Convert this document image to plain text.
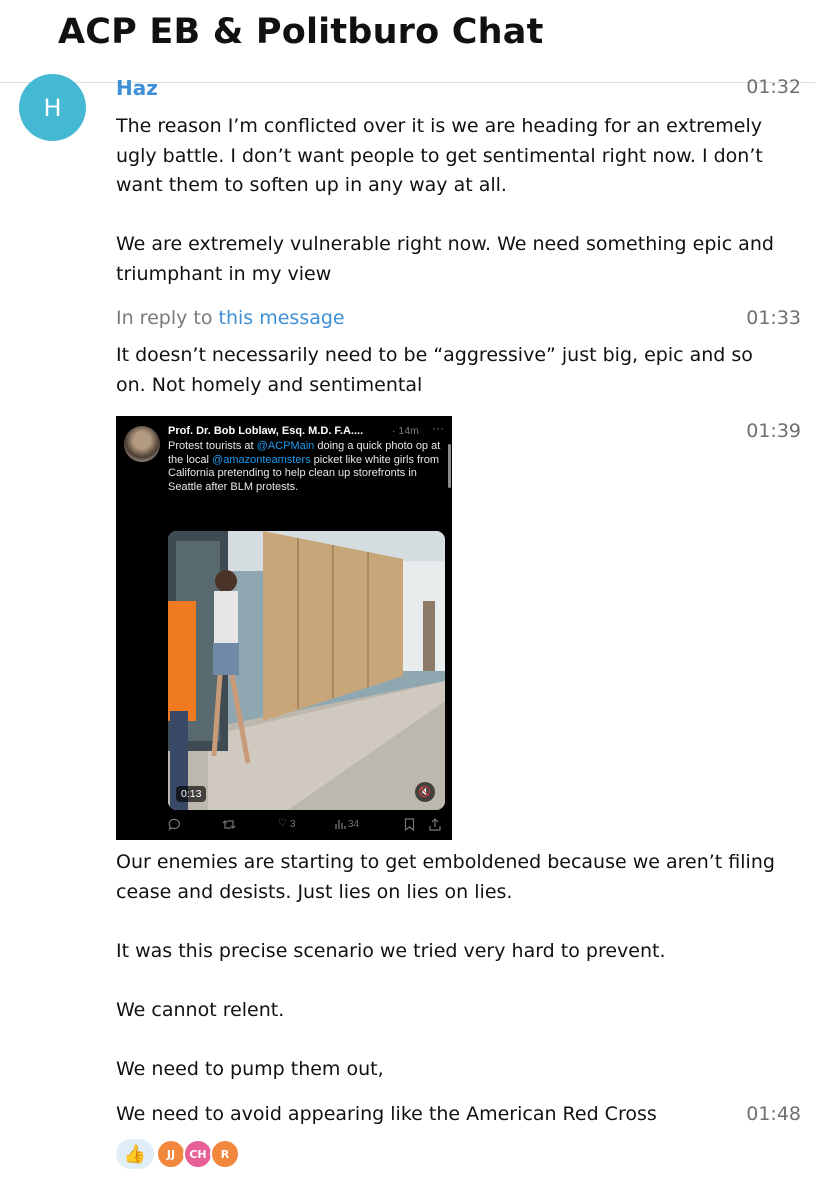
ACP EB & Politburo Chat
H
Haz	01:32

The reason I’m conflicted over it is we are heading for an extremely ugly battle. I don’t want people to get sentimental right now. I don’t want them to soften up in any way at all.

We are extremely vulnerable right now. We need something epic and triumphant in my view

In reply to this message	01:33

It doesn’t necessarily need to be “aggressive” just big, epic and so on. Not homely and sentimental

Prof. Dr. Bob Loblaw, Esq. M.D. F.A....	· 14m ···
Protest tourists at @ACPMain doing a quick photo op at the local @amazonteamsters picket like white girls from California pretending to help clean up storefronts in Seattle after BLM protests.
0:13	🔇
♡ 3	34
01:39

Our enemies are starting to get emboldened because we aren’t filing cease and desists. Just lies on lies on lies.

It was this precise scenario we tried very hard to prevent.

We cannot relent.

We need to pump them out,

We need to avoid appearing like the American Red Cross	01:48
👍	JJ	CH	R
